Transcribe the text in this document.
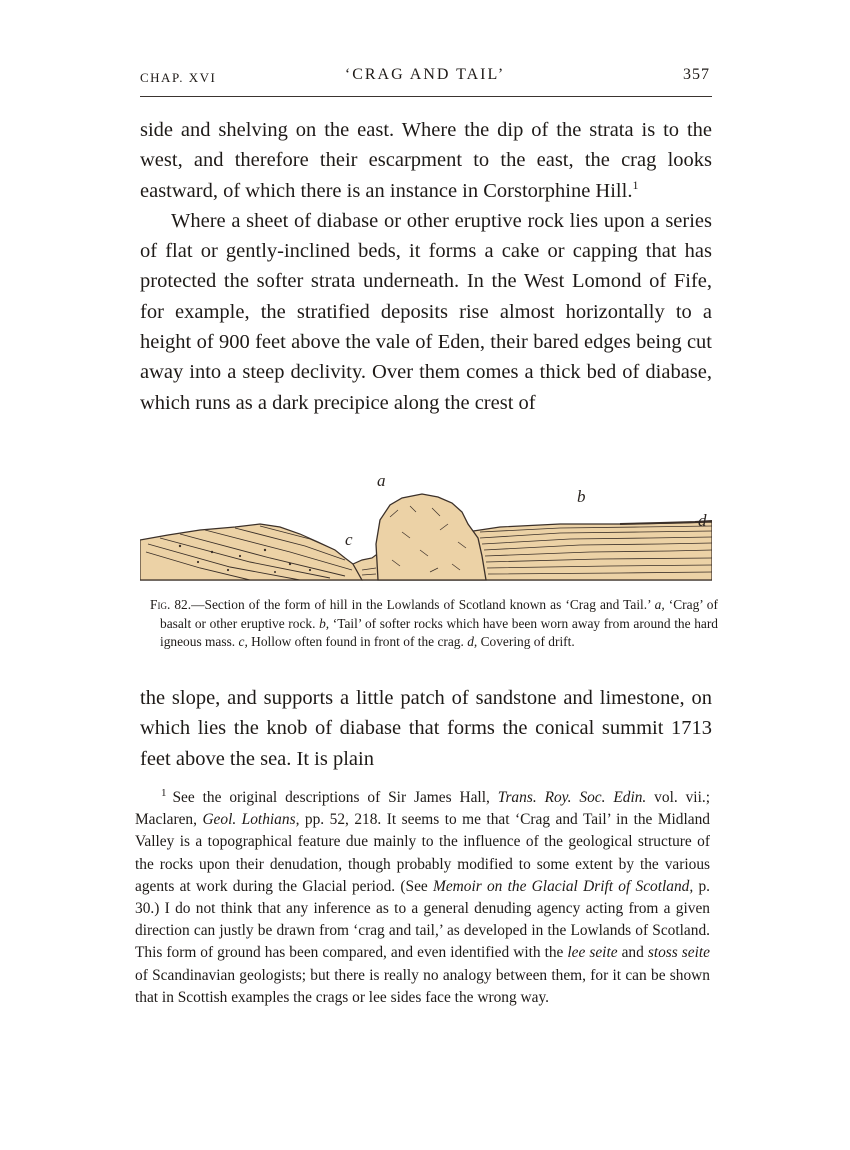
CHAP. XVI	‘CRAG AND TAIL’	357

side and shelving on the east. Where the dip of the strata is to the west, and therefore their escarpment to the east, the crag looks eastward, of which there is an instance in Corstorphine Hill.$^1$

Where a sheet of diabase or other eruptive rock lies upon a series of flat or gently-inclined beds, it forms a cake or capping that has protected the softer strata underneath. In the West Lomond of Fife, for example, the stratified deposits rise almost horizontally to a height of 900 feet above the vale of Eden, their bared edges being cut away into a steep declivity. Over them comes a thick bed of diabase, which runs as a dark precipice along the crest of

a
b
c
d
Fig. 82.—Section of the form of hill in the Lowlands of Scotland known as ‘Crag and Tail.’ a, ‘Crag’ of basalt or other eruptive rock. b, ‘Tail’ of softer rocks which have been worn away from around the hard igneous mass. c, Hollow often found in front of the crag. d, Covering of drift.

the slope, and supports a little patch of sandstone and limestone, on which lies the knob of diabase that forms the conical summit 1713 feet above the sea. It is plain

$^1$ See the original descriptions of Sir James Hall, Trans. Roy. Soc. Edin. vol. vii.; Maclaren, Geol. Lothians, pp. 52, 218. It seems to me that ‘Crag and Tail’ in the Midland Valley is a topographical feature due mainly to the influence of the geological structure of the rocks upon their denudation, though probably modified to some extent by the various agents at work during the Glacial period. (See Memoir on the Glacial Drift of Scotland, p. 30.) I do not think that any inference as to a general denuding agency acting from a given direction can justly be drawn from ‘crag and tail,’ as developed in the Lowlands of Scotland. This form of ground has been compared, and even identified with the lee seite and stoss seite of Scandinavian geologists; but there is really no analogy between them, for it can be shown that in Scottish examples the crags or lee sides face the wrong way.
